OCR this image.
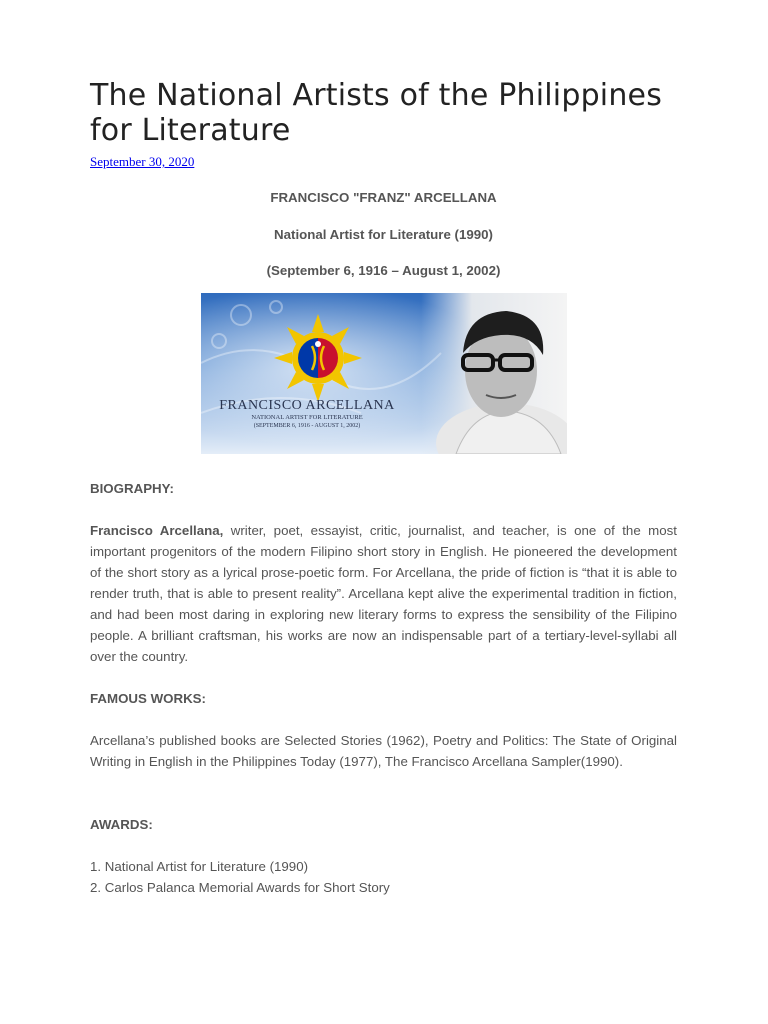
The National Artists of the Philippines for Literature
September 30, 2020
FRANCISCO "FRANZ" ARCELLANA
National Artist for Literature (1990)
(September 6, 1916 – August 1, 2002)
FRANCISCO ARCELLANA
NATIONAL ARTIST FOR LITERATURE
(SEPTEMBER 6, 1916 - AUGUST 1, 2002)
BIOGRAPHY:

Francisco Arcellana, writer, poet, essayist, critic, journalist, and teacher, is one of the most important progenitors of the modern Filipino short story in English. He pioneered the development of the short story as a lyrical prose-poetic form. For Arcellana, the pride of fiction is “that it is able to render truth, that is able to present reality”. Arcellana kept alive the experimental tradition in fiction, and had been most daring in exploring new literary forms to express the sensibility of the Filipino people. A brilliant craftsman, his works are now an indispensable part of a tertiary-level-syllabi all over the country.

FAMOUS WORKS:

Arcellana’s published books are Selected Stories (1962), Poetry and Politics: The State of Original Writing in English in the Philippines Today (1977), The Francisco Arcellana Sampler(1990).

AWARDS:
1. National Artist for Literature (1990)
2. Carlos Palanca Memorial Awards for Short Story
